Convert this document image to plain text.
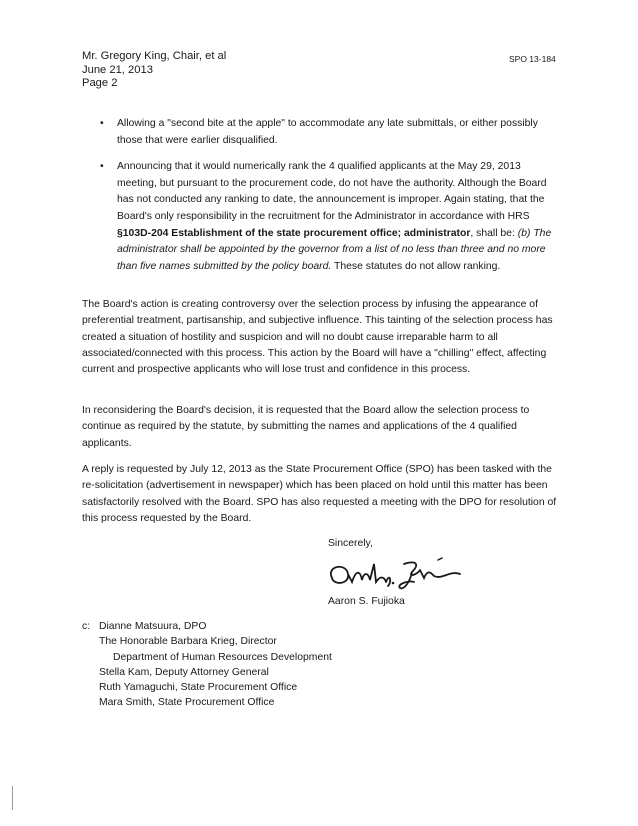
Mr. Gregory King, Chair, et al
June 21, 2013
Page 2
SPO 13-184
• Allowing a "second bite at the apple" to accommodate any late submittals, or either possibly those that were earlier disqualified.
• Announcing that it would numerically rank the 4 qualified applicants at the May 29, 2013 meeting, but pursuant to the procurement code, do not have the authority. Although the Board has not conducted any ranking to date, the announcement is improper. Again stating, that the Board's only responsibility in the recruitment for the Administrator in accordance with HRS §103D-204 Establishment of the state procurement office; administrator, shall be: (b) The administrator shall be appointed by the governor from a list of no less than three and no more than five names submitted by the policy board. These statutes do not allow ranking.

The Board's action is creating controversy over the selection process by infusing the appearance of preferential treatment, partisanship, and subjective influence. This tainting of the selection process has created a situation of hostility and suspicion and will no doubt cause irreparable harm to all associated/connected with this process. This action by the Board will have a "chilling" effect, affecting current and prospective applicants who will lose trust and confidence in this process.

In reconsidering the Board's decision, it is requested that the Board allow the selection process to continue as required by the statute, by submitting the names and applications of the 4 qualified applicants.

A reply is requested by July 12, 2013 as the State Procurement Office (SPO) has been tasked with the re-solicitation (advertisement in newspaper) which has been placed on hold until this matter has been satisfactorily resolved with the Board. SPO has also requested a meeting with the DPO for resolution of this process requested by the Board.

Sincerely,
Aaron S. Fujioka
c: Dianne Matsuura, DPO
The Honorable Barbara Krieg, Director
Department of Human Resources Development
Stella Kam, Deputy Attorney General
Ruth Yamaguchi, State Procurement Office
Mara Smith, State Procurement Office
